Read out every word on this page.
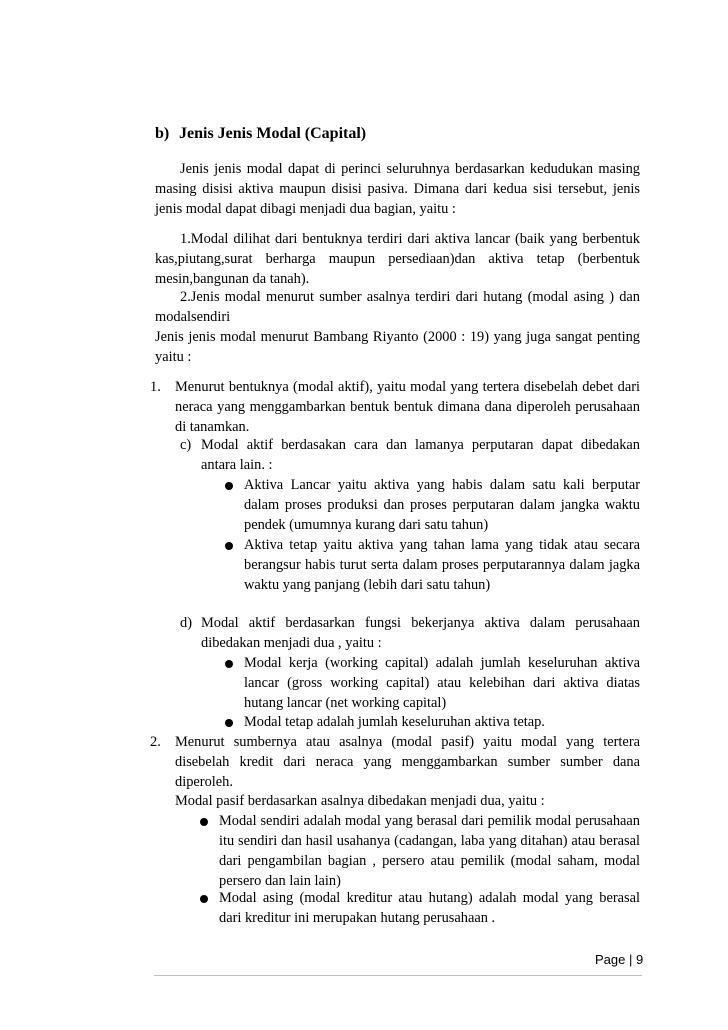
b) Jenis Jenis Modal (Capital)

Jenis jenis modal dapat di perinci seluruhnya berdasarkan kedudukan masing masing disisi aktiva maupun disisi pasiva. Dimana dari kedua sisi tersebut, jenis jenis modal dapat dibagi menjadi dua bagian, yaitu :

1.Modal dilihat dari bentuknya terdiri dari aktiva lancar (baik yang berbentuk kas,piutang,surat berharga maupun persediaan)dan aktiva tetap (berbentuk mesin,bangunan da tanah).

2.Jenis modal menurut sumber asalnya terdiri dari hutang (modal asing ) dan modalsendiri

Jenis jenis modal menurut Bambang Riyanto (2000 : 19) yang juga sangat penting yaitu :

1. Menurut bentuknya (modal aktif), yaitu modal yang tertera disebelah debet dari neraca yang menggambarkan bentuk bentuk dimana dana diperoleh perusahaan di tanamkan.

c) Modal aktif berdasakan cara dan lamanya perputaran dapat dibedakan antara lain. :

Aktiva Lancar yaitu aktiva yang habis dalam satu kali berputar dalam proses produksi dan proses perputaran dalam jangka waktu pendek (umumnya kurang dari satu tahun)

Aktiva tetap yaitu aktiva yang tahan lama yang tidak atau secara berangsur habis turut serta dalam proses perputarannya dalam jagka waktu yang panjang (lebih dari satu tahun)

d) Modal aktif berdasarkan fungsi bekerjanya aktiva dalam perusahaan dibedakan menjadi dua , yaitu :

Modal kerja (working capital) adalah jumlah keseluruhan aktiva lancar (gross working capital) atau kelebihan dari aktiva diatas hutang lancar (net working capital)

Modal tetap adalah jumlah keseluruhan aktiva tetap.

2. Menurut sumbernya atau asalnya (modal pasif) yaitu modal yang tertera disebelah kredit dari neraca yang menggambarkan sumber sumber dana diperoleh.

Modal pasif berdasarkan asalnya dibedakan menjadi dua, yaitu :

Modal sendiri adalah modal yang berasal dari pemilik modal perusahaan itu sendiri dan hasil usahanya (cadangan, laba yang ditahan) atau berasal dari pengambilan bagian , persero atau pemilik (modal saham, modal persero dan lain lain)

Modal asing (modal kreditur atau hutang) adalah modal yang berasal dari kreditur ini merupakan hutang perusahaan .

Page | 9
